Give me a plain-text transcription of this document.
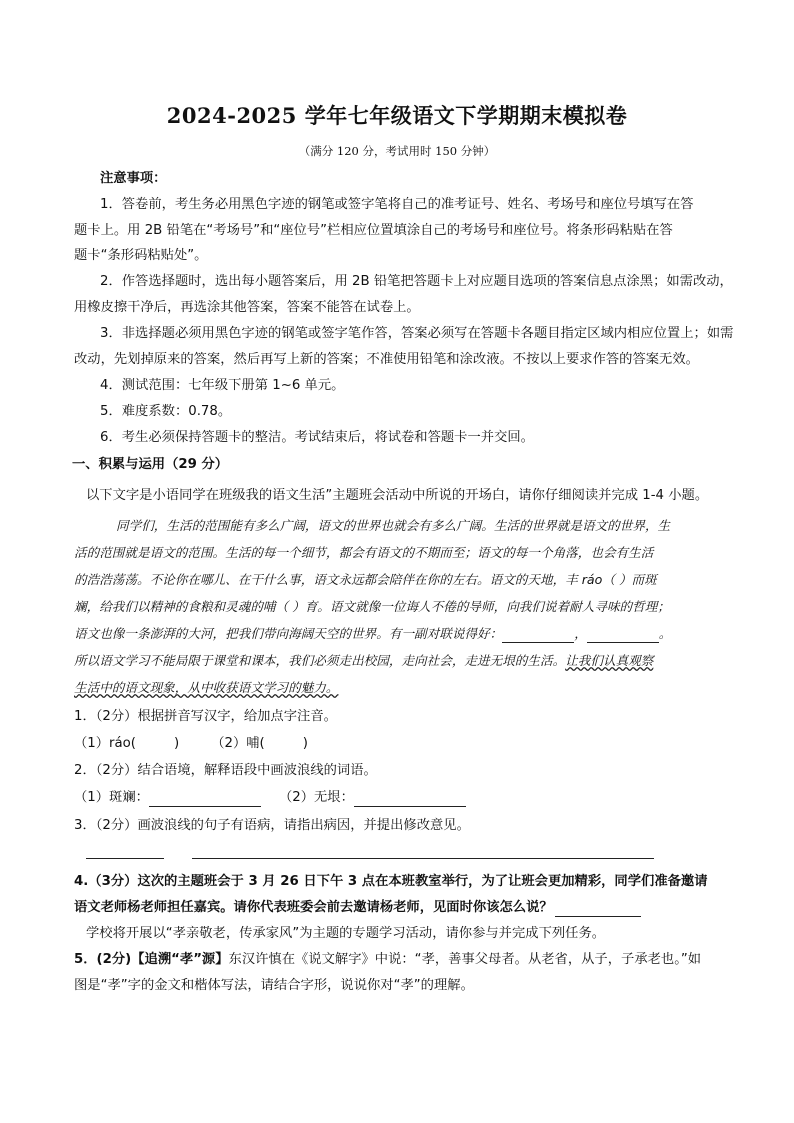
2024-2025 学年七年级语文下学期期末模拟卷
（满分 120 分，考试用时 150 分钟）
注意事项：
1．答卷前，考生务必用黑色字迹的钢笔或签字笔将自己的准考证号、姓名、考场号和座位号填写在答
题卡上。用 2B 铅笔在“考场号”和“座位号”栏相应位置填涂自己的考场号和座位号。将条形码粘贴在答
题卡“条形码粘贴处”。
2．作答选择题时，选出每小题答案后，用 2B 铅笔把答题卡上对应题目选项的答案信息点涂黑；如需改动，
用橡皮擦干净后，再选涂其他答案，答案不能答在试卷上。
3．非选择题必须用黑色字迹的钢笔或签字笔作答，答案必须写在答题卡各题目指定区域内相应位置上；如需
改动，先划掉原来的答案，然后再写上新的答案；不准使用铅笔和涂改液。不按以上要求作答的答案无效。
4．测试范围：七年级下册第 1~6 单元。
5．难度系数：0.78。
6．考生必须保持答题卡的整洁。考试结束后，将试卷和答题卡一并交回。
一、积累与运用（29 分）
以下文字是小语同学在班级我的语文生活”主题班会活动中所说的开场白，请你仔细阅读并完成 1-4 小题。
同学们，生活的范围能有多么广阔，语文的世界也就会有多么广阔。生活的世界就是语文的世界，生
活的范围就是语文的范围。生活的每一个细节，都会有语文的不期而至；语文的每一个角落，也会有生活
的浩浩荡荡。不论你在哪儿、在干什么事，语文永远都会陪伴在你的左右。语文的天地，丰 ráo（ ）而斑
斓，给我们以精神的食粮和灵魂的哺（ ）育。语文就像一位诲人不倦的导师，向我们说着耐人寻味的哲理；
语文也像一条澎湃的大河，把我们带向海阔天空的世界。有一副对联说得好：	，	。
所以语文学习不能局限于课堂和课本，我们必须走出校园，走向社会，走进无垠的生活。让我们认真观察
生活中的语文现象，从中收获语文学习的魅力。
1．（2分）根据拼音写汉字，给加点字注音。
（1）ráo(	) （2）哺(	)
2．（2分）结合语境，解释语段中画波浪线的词语。
（1）斑斓：	（2）无垠：
3．（2分）画波浪线的句子有语病，请指出病因，并提出修改意见。
4.（3分）这次的主题班会于 3 月 26 日下午 3 点在本班教室举行，为了让班会更加精彩，同学们准备邀请
语文老师杨老师担任嘉宾。请你代表班委会前去邀请杨老师，见面时你该怎么说？
学校将开展以“孝亲敬老，传承家风”为主题的专题学习活动，请你参与并完成下列任务。
5．(2分)【追溯“孝”源】东汉许慎在《说文解字》中说：“孝，善事父母者。从老省，从子，子承老也。”如
图是“孝”字的金文和楷体写法，请结合字形，说说你对“孝”的理解。
